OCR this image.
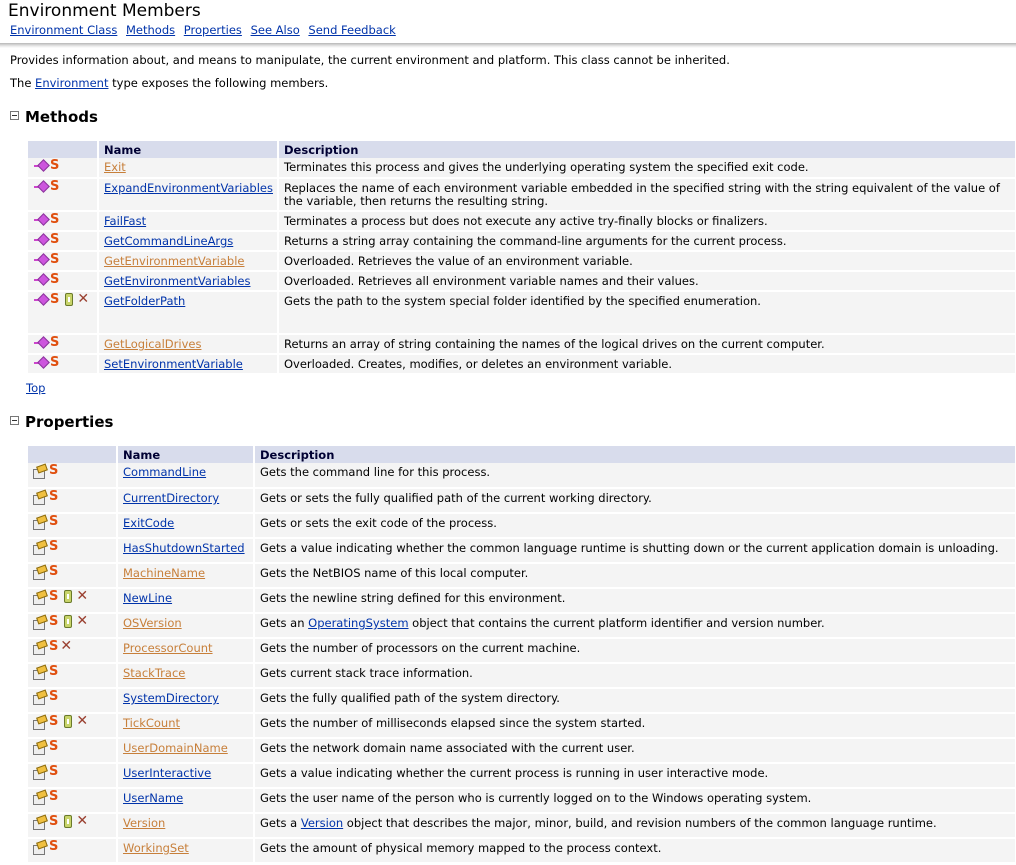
Environment Members
Environment Class Methods Properties See Also Send Feedback
Provides information about, and means to manipulate, the current environment and platform. This class cannot be inherited.
The Environment type exposes the following members.
Methods
	Name	Description
S	Exit	Terminates this process and gives the underlying operating system the specified exit code.
S	ExpandEnvironmentVariables	Replaces the name of each environment variable embedded in the specified string with the string equivalent of the value of the variable, then returns the resulting string.
S	FailFast	Terminates a process but does not execute any active try-finally blocks or finalizers.
S	GetCommandLineArgs	Returns a string array containing the command-line arguments for the current process.
S	GetEnvironmentVariable	Overloaded. Retrieves the value of an environment variable.
S	GetEnvironmentVariables	Overloaded. Retrieves all environment variable names and their values.
S ✕	GetFolderPath	Gets the path to the system special folder identified by the specified enumeration.
S	GetLogicalDrives	Returns an array of string containing the names of the logical drives on the current computer.
S	SetEnvironmentVariable	Overloaded. Creates, modifies, or deletes an environment variable.
Top
Properties
	Name	Description
S	CommandLine	Gets the command line for this process.
S	CurrentDirectory	Gets or sets the fully qualified path of the current working directory.
S	ExitCode	Gets or sets the exit code of the process.
S	HasShutdownStarted	Gets a value indicating whether the common language runtime is shutting down or the current application domain is unloading.
S	MachineName	Gets the NetBIOS name of this local computer.
S ✕	NewLine	Gets the newline string defined for this environment.
S ✕	OSVersion	Gets an OperatingSystem object that contains the current platform identifier and version number.
S ✕	ProcessorCount	Gets the number of processors on the current machine.
S	StackTrace	Gets current stack trace information.
S	SystemDirectory	Gets the fully qualified path of the system directory.
S ✕	TickCount	Gets the number of milliseconds elapsed since the system started.
S	UserDomainName	Gets the network domain name associated with the current user.
S	UserInteractive	Gets a value indicating whether the current process is running in user interactive mode.
S	UserName	Gets the user name of the person who is currently logged on to the Windows operating system.
S ✕	Version	Gets a Version object that describes the major, minor, build, and revision numbers of the common language runtime.
S	WorkingSet	Gets the amount of physical memory mapped to the process context.
